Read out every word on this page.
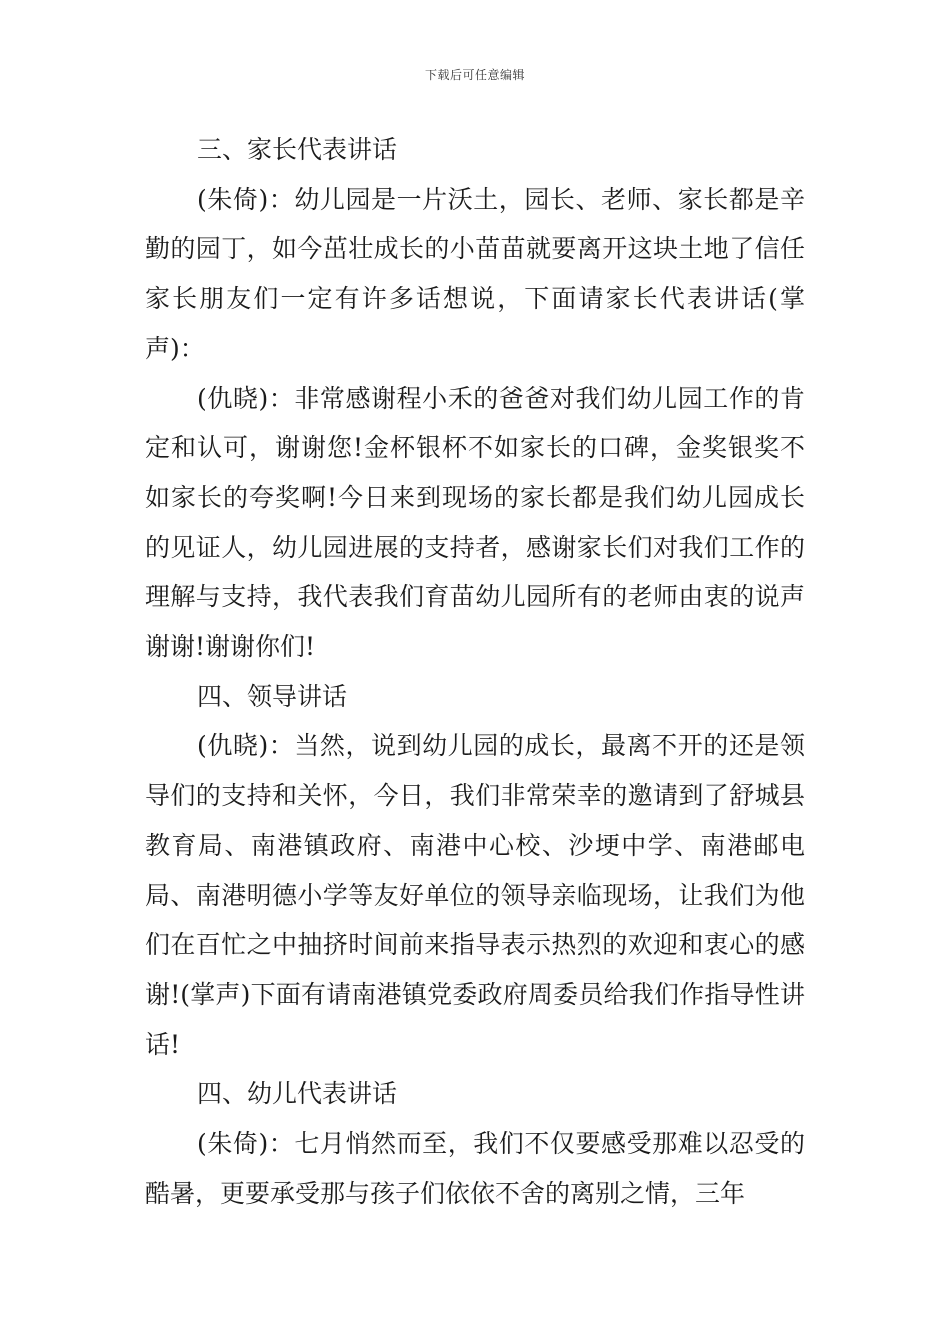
下载后可任意编辑

三、家长代表讲话

(朱倚)：幼儿园是一片沃土，园长、老师、家长都是辛勤的园丁，如今茁壮成长的小苗苗就要离开这块土地了信任家长朋友们一定有许多话想说，下面请家长代表讲话(掌声)：

(仇晓)：非常感谢程小禾的爸爸对我们幼儿园工作的肯定和认可，谢谢您!金杯银杯不如家长的口碑，金奖银奖不如家长的夸奖啊!今日来到现场的家长都是我们幼儿园成长的见证人，幼儿园进展的支持者，感谢家长们对我们工作的理解与支持，我代表我们育苗幼儿园所有的老师由衷的说声谢谢!谢谢你们!

四、领导讲话

(仇晓)：当然，说到幼儿园的成长，最离不开的还是领导们的支持和关怀，今日，我们非常荣幸的邀请到了舒城县教育局、南港镇政府、南港中心校、沙埂中学、南港邮电局、南港明德小学等友好单位的领导亲临现场，让我们为他们在百忙之中抽挤时间前来指导表示热烈的欢迎和衷心的感谢!(掌声)下面有请南港镇党委政府周委员给我们作指导性讲话!

四、幼儿代表讲话

(朱倚)：七月悄然而至，我们不仅要感受那难以忍受的酷暑，更要承受那与孩子们依依不舍的离别之情，三年
